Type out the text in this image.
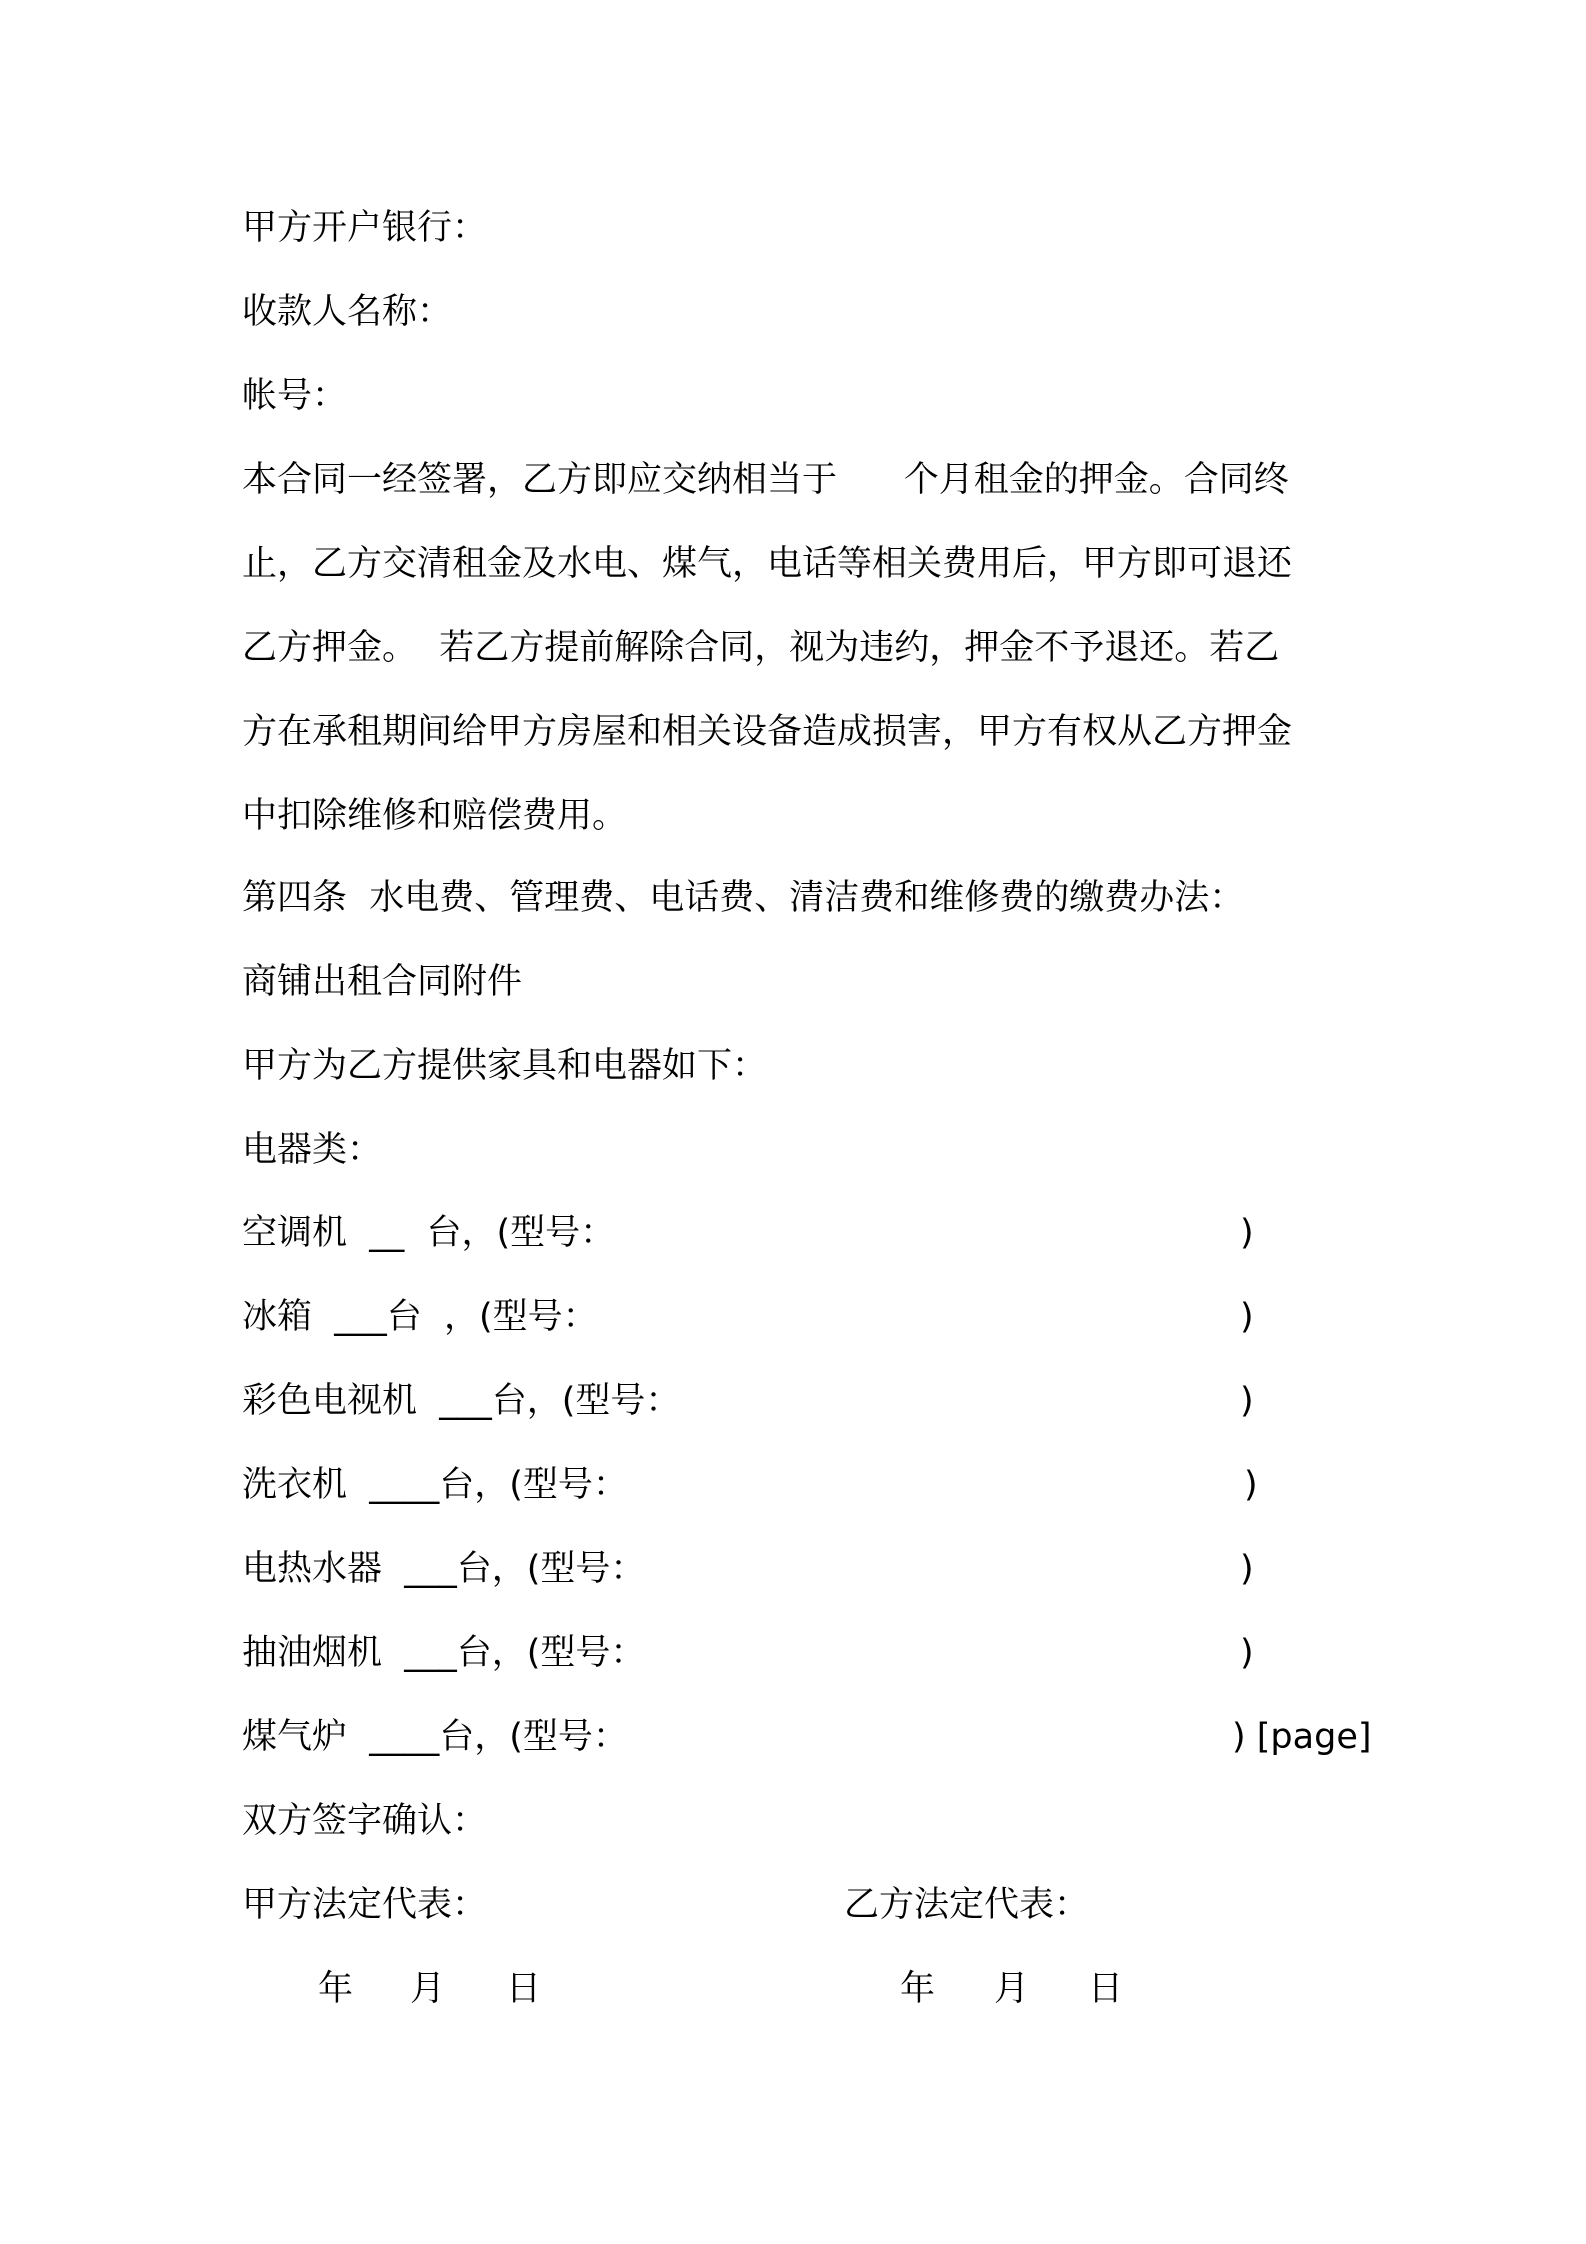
甲方开户银行：
收款人名称：
帐号：
本合同一经签署，乙方即应交纳相当于      个月租金的押金。合同终
止，乙方交清租金及水电、煤气，电话等相关费用后，甲方即可退还
乙方押金。  若乙方提前解除合同，视为违约，押金不予退还。若乙
方在承租期间给甲方房屋和相关设备造成损害，甲方有权从乙方押金
中扣除维修和赔偿费用。
第四条  水电费、管理费、电话费、清洁费和维修费的缴费办法：
商铺出租合同附件
甲方为乙方提供家具和电器如下：
电器类：
空调机  __  台，(型号：	)
冰箱  ___台  ，(型号：	)
彩色电视机  ___台，(型号：	)
洗衣机  ____台，(型号：	)
电热水器  ___台，(型号：	)
抽油烟机  ___台，(型号：	)
煤气炉  ____台，(型号：	) [page]
双方签字确认：
甲方法定代表：	乙方法定代表：
年 月 日	年 月 日
